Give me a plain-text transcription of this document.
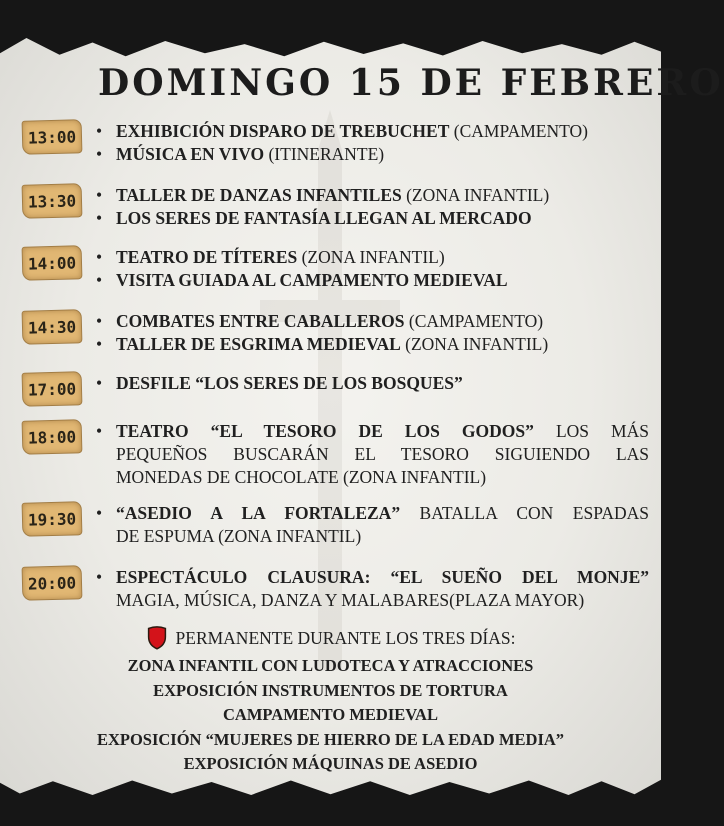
DOMINGO 15 DE FEBRERO
13:00	• EXHIBICIÓN DISPARO DE TREBUCHET (CAMPAMENTO)
• MÚSICA EN VIVO (ITINERANTE)
13:30	• TALLER DE DANZAS INFANTILES (ZONA INFANTIL)
• LOS SERES DE FANTASÍA LLEGAN AL MERCADO
14:00	• TEATRO DE TÍTERES (ZONA INFANTIL)
• VISITA GUIADA AL CAMPAMENTO MEDIEVAL
14:30	• COMBATES ENTRE CABALLEROS (CAMPAMENTO)
• TALLER DE ESGRIMA MEDIEVAL (ZONA INFANTIL)
17:00	• DESFILE “LOS SERES DE LOS BOSQUES”
18:00	• TEATRO “EL TESORO DE LOS GODOS” LOS MÁS
PEQUEÑOS BUSCARÁN EL TESORO SIGUIENDO LAS
MONEDAS DE CHOCOLATE (ZONA INFANTIL)
19:30	• “ASEDIO A LA FORTALEZA” BATALLA CON ESPADAS
DE ESPUMA (ZONA INFANTIL)
20:00	• ESPECTÁCULO CLAUSURA: “EL SUEÑO DEL MONJE”
MAGIA, MÚSICA, DANZA Y MALABARES(PLAZA MAYOR)
PERMANENTE DURANTE LOS TRES DÍAS:
ZONA INFANTIL CON LUDOTECA Y ATRACCIONES
EXPOSICIÓN INSTRUMENTOS DE TORTURA
CAMPAMENTO MEDIEVAL
EXPOSICIÓN “MUJERES DE HIERRO DE LA EDAD MEDIA”
EXPOSICIÓN MÁQUINAS DE ASEDIO
